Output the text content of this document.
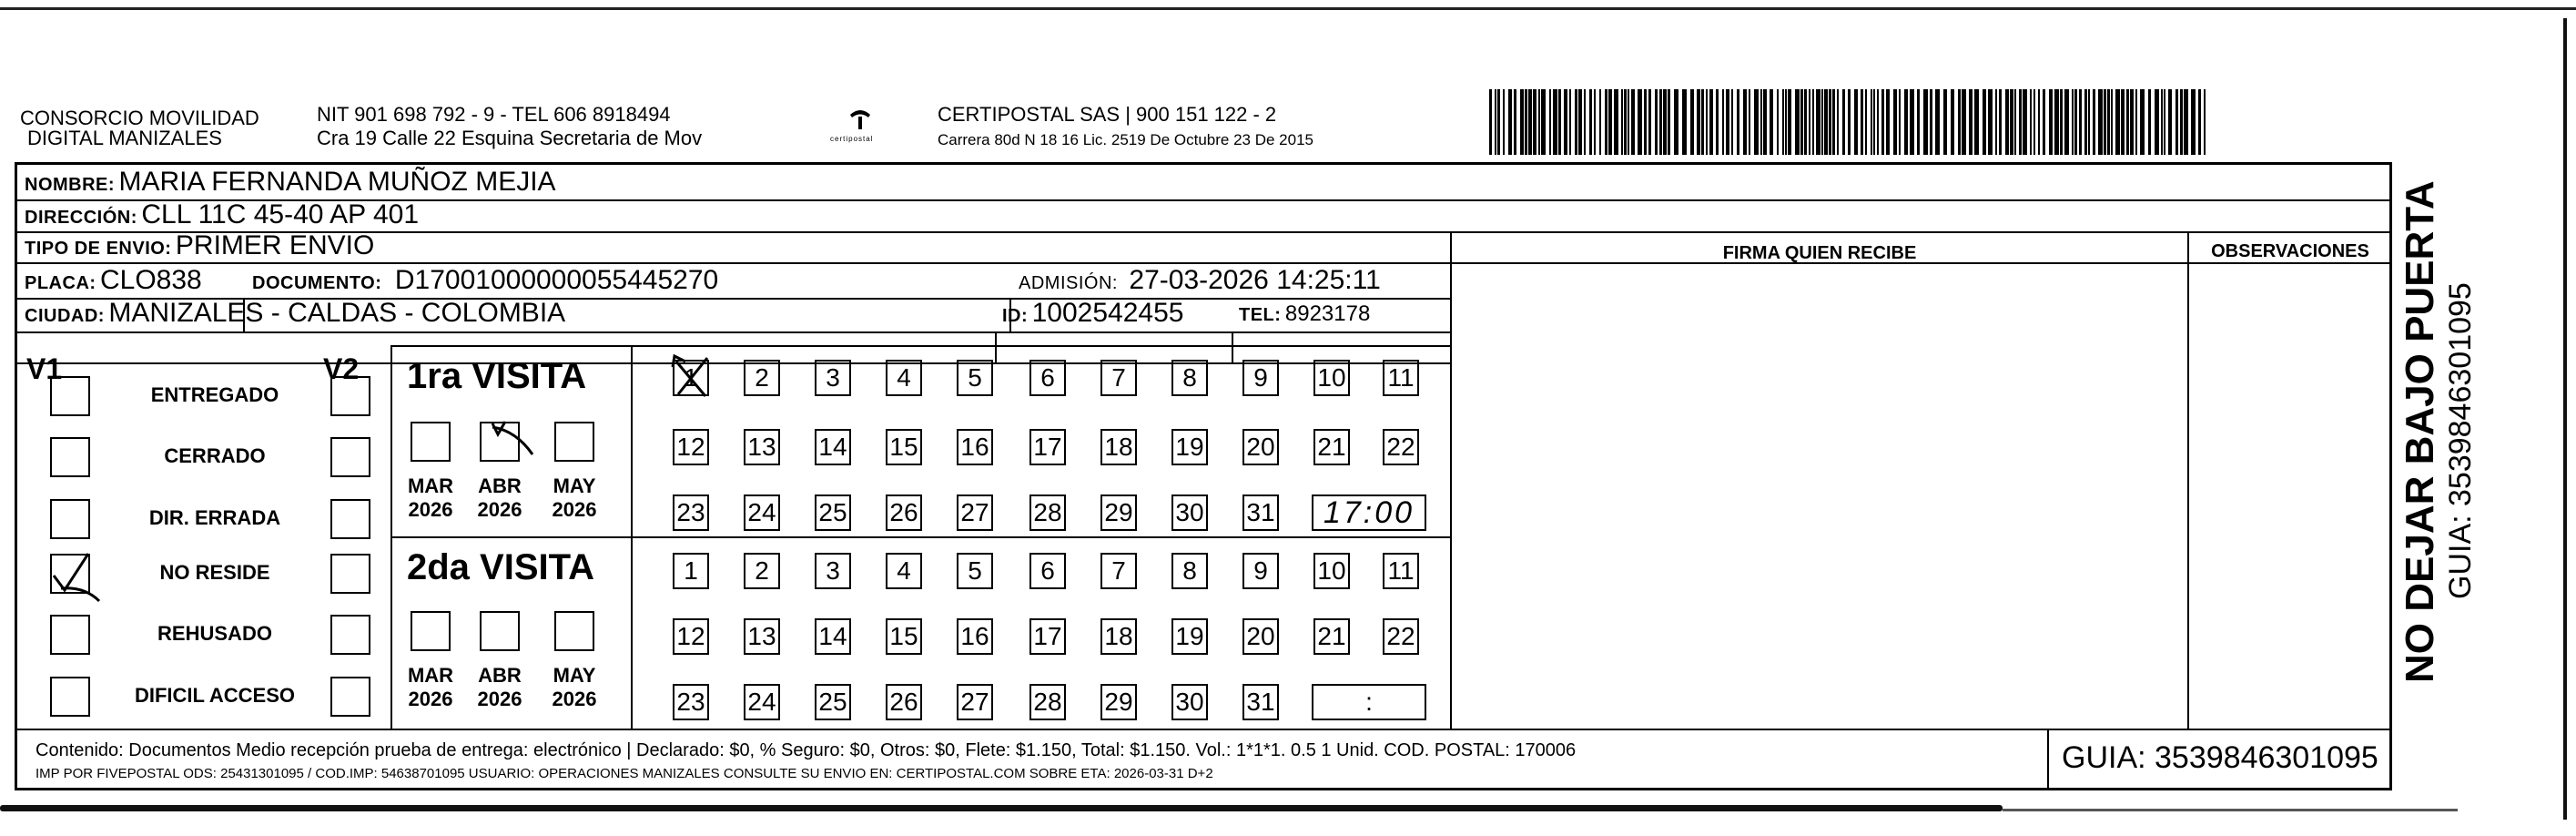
CONSORCIO MOVILIDAD
DIGITAL MANIZALES
NIT 901 698 792 - 9 - TEL 606 8918494
Cra 19 Calle 22 Esquina Secretaria de Mov	certipostal
CERTIPOSTAL SAS | 900 151 122 - 2
Carrera 80d N 18 16 Lic. 2519 De Octubre 23 De 2015
NOMBRE: MARIA FERNANDA MUÑOZ MEJIA
DIRECCIÓN: CLL 11C 45-40 AP 401
TIPO DE ENVIO: PRIMER ENVIO
PLACA: CLO838	DOCUMENTO: D17001000000055445270	ADMISIÓN: 27-03-2026 14:25:11
CIUDAD: MANIZALES - CALDAS - COLOMBIA	ID: 1002542455	TEL: 8923178
FIRMA QUIEN RECIBE	OBSERVACIONES
V1	V2
ENTREGADO
CERRADO
DIR. ERRADA
NO RESIDE
REHUSADO
DIFICIL ACCESO
1ra VISITA
2da VISITA
MAR
2026
ABR
2026
MAY
2026
MAR
2026
ABR
2026
MAY
2026
1 2 3 4 5 6 7 8 9 10 11
12 13 14 15 16 17 18 19 20 21 22
23 24 25 26 27 28 29 30 31 17:00
1 2 3 4 5 6 7 8 9 10 11
12 13 14 15 16 17 18 19 20 21 22
23 24 25 26 27 28 29 30 31	:
Contenido: Documentos Medio recepción prueba de entrega: electrónico | Declarado: $0, % Seguro: $0, Otros: $0, Flete: $1.150, Total: $1.150. Vol.: 1*1*1. 0.5 1 Unid. COD. POSTAL: 170006
IMP POR FIVEPOSTAL ODS: 25431301095 / COD.IMP: 54638701095 USUARIO: OPERACIONES MANIZALES CONSULTE SU ENVIO EN: CERTIPOSTAL.COM SOBRE ETA: 2026-03-31 D+2	GUIA: 3539846301095
NO DEJAR BAJO PUERTA GUIA: 3539846301095
